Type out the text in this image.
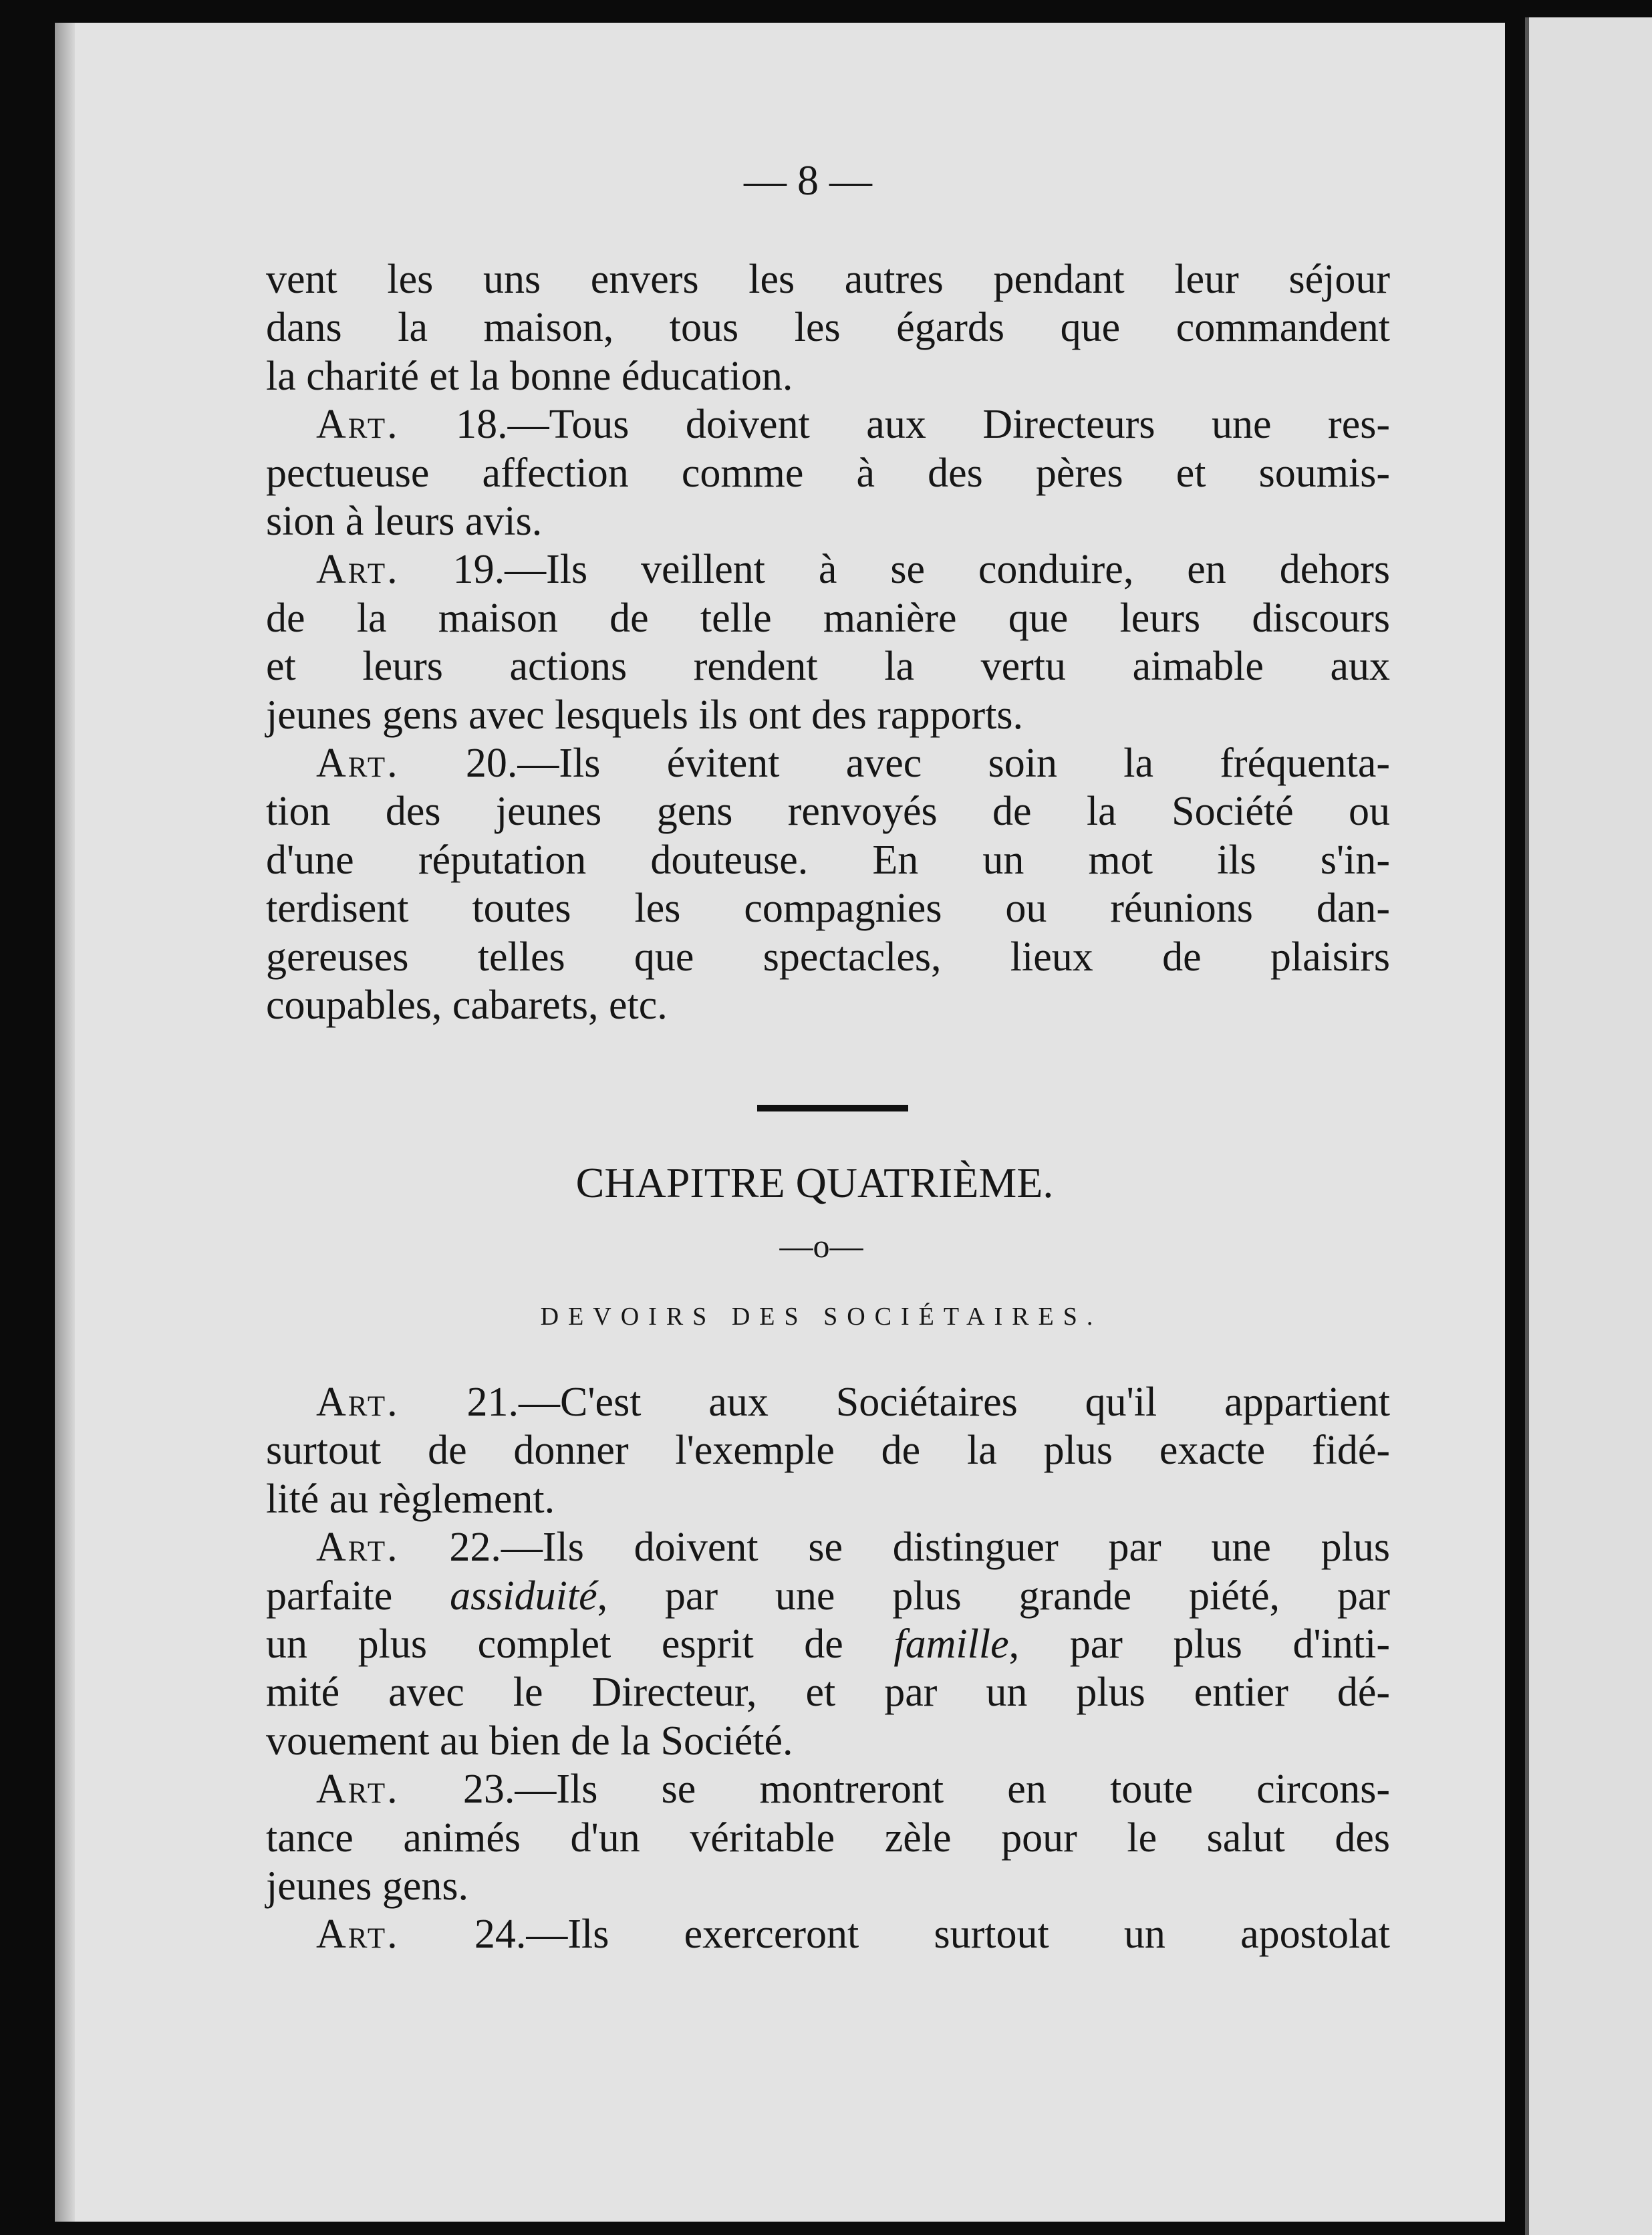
— 8 —
vent les uns envers les autres pendant leur séjour
dans la maison, tous les égards que commandent
la charité et la bonne éducation.
Art. 18.—Tous doivent aux Directeurs une res-
pectueuse affection comme à des pères et soumis-
sion à leurs avis.
Art. 19.—Ils veillent à se conduire, en dehors
de la maison de telle manière que leurs discours
et leurs actions rendent la vertu aimable aux
jeunes gens avec lesquels ils ont des rapports.
Art. 20.—Ils évitent avec soin la fréquenta-
tion des jeunes gens renvoyés de la Société ou
d'une réputation douteuse. En un mot ils s'in-
terdisent toutes les compagnies ou réunions dan-
gereuses telles que spectacles, lieux de plaisirs
coupables, cabarets, etc.
CHAPITRE QUATRIÈME.
—o—
DEVOIRS DES SOCIÉTAIRES.
Art. 21.—C'est aux Sociétaires qu'il appartient
surtout de donner l'exemple de la plus exacte fidé-
lité au règlement.
Art. 22.—Ils doivent se distinguer par une plus
parfaite assiduité, par une plus grande piété, par
un plus complet esprit de famille, par plus d'inti-
mité avec le Directeur, et par un plus entier dé-
vouement au bien de la Société.
Art. 23.—Ils se montreront en toute circons-
tance animés d'un véritable zèle pour le salut des
jeunes gens.
Art. 24.—Ils exerceront surtout un apostolat
